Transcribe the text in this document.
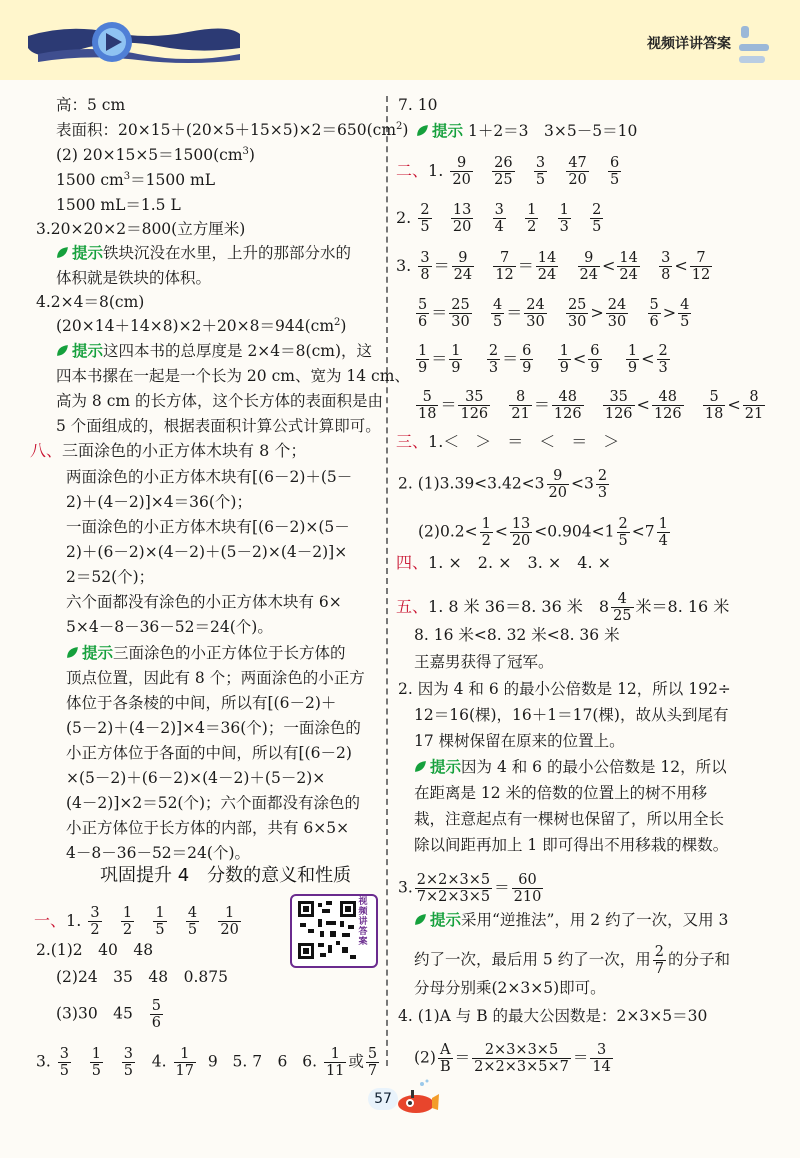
视频详讲答案
高：5 cm
表面积：$20\times 15+(20\times 5+15\times 5)\times 2=650(cm^2)$
(2) $20\times 15\times 5=1500(cm^3)$
1500 $cm^3=1500$ mL
1500 mL＝1.5 L
3.20×20×2＝800(立方厘米)
提示铁块沉没在水里，上升的那部分水的
体积就是铁块的体积。
4.2×4＝8(cm)
$(20\times 14+14\times 8)\times 2+20\times 8=944(cm^2)$
提示这四本书的总厚度是 2×4＝8(cm)，这
四本书摞在一起是一个长为 20 cm、宽为 14 cm、
高为 8 cm 的长方体，这个长方体的表面积是由
5 个面组成的，根据表面积计算公式计算即可。
八、三面涂色的小正方体木块有 8 个；
两面涂色的小正方体木块有[(6－2)＋(5－
2)＋(4－2)]×4＝36(个)；
一面涂色的小正方体木块有[(6－2)×(5－
2)＋(6－2)×(4－2)＋(5－2)×(4－2)]×
2＝52(个)；
六个面都没有涂色的小正方体木块有 6×
5×4－8－36－52＝24(个)。
提示三面涂色的小正方体位于长方体的
顶点位置，因此有 8 个；两面涂色的小正方
体位于各条棱的中间，所以有[(6－2)＋
(5－2)＋(4－2)]×4＝36(个)；一面涂色的
小正方体位于各面的中间，所以有[(6－2)
×(5－2)＋(6－2)×(4－2)＋(5－2)×
(4－2)]×2＝52(个)；六个面都没有涂色的
小正方体位于长方体的内部，共有 6×5×
4－8－36－52＝24(个)。
巩固提升 4　分数的意义和性质
一、1. $\frac{3}{2}$
$\frac{1}{2}$
$\frac{1}{5}$
$\frac{4}{5}$
$\frac{1}{20}$
视频讲答案
2.(1)2　40　48
(2)24　35　48　0.875
(3)30　$45 \frac{5}{6}$
3. $\frac{3}{5}$
$\frac{1}{5}$
$\frac{3}{5} 4$. $\frac{1}{17} 9$ 5. 7　6 6. $\frac{1}{11}$ 或 $\frac{5}{7}$
7. 10
提示 1＋2＝3　3×5－5＝10
二、1. $\frac{9}{20}$
$\frac{26}{25}$
$\frac{3}{5}$
$\frac{47}{20}$
$\frac{6}{5}$
2. $\frac{2}{5}$
$\frac{13}{20}$
$\frac{3}{4}$
$\frac{1}{2}$
$\frac{1}{3}$
$\frac{2}{5}$
3. $\frac{3}{8} = \frac{9}{24}$
$\frac{7}{12} = \frac{14}{24}$
$\frac{9}{24} < \frac{14}{24}$
$\frac{3}{8} < \frac{7}{12}$
$\frac{5}{6} = \frac{25}{30}$
$\frac{4}{5} = \frac{24}{30}$
$\frac{25}{30} > \frac{24}{30}$
$\frac{5}{6} > \frac{4}{5}$
$\frac{1}{9} = \frac{1}{9}$
$\frac{2}{3} = \frac{6}{9}$
$\frac{1}{9} < \frac{6}{9}$
$\frac{1}{9} < \frac{2}{3}$
$\frac{5}{18} = \frac{35}{126}$
$\frac{8}{21} = \frac{48}{126}$
$\frac{35}{126} < \frac{48}{126}$
$\frac{5}{18} < \frac{8}{21}$
三、1.＜　＞　＝　＜　＝　＞
2. $(1)3.39<3.42<3 \frac{9}{20} <3 \frac{2}{3}$
$(2)0.2< \frac{1}{2} < \frac{13}{20} <0.904<1 \frac{2}{5} <7 \frac{1}{4}$
四、1. ×　2. ×　3. ×　4. ×
五、1. 8 米 36＝8. 36 米　$8 \frac{4}{25}$ 米＝8. 16 米
8. 16 米<8. 32 米<8. 36 米
王嘉男获得了冠军。
2. 因为 4 和 6 的最小公倍数是 12，所以 192÷
12＝16(棵)，16＋1＝17(棵)，故从头到尾有
17 棵树保留在原来的位置上。
提示因为 4 和 6 的最小公倍数是 12，所以
在距离是 12 米的倍数的位置上的树不用移
栽，注意起点有一棵树也保留了，所以用全长
除以间距再加上 1 即可得出不用移栽的棵数。
3. $\frac{2\times 2\times 3\times 5}{7\times 2\times 3\times 5} = \frac{60}{210}$
提示采用“逆推法”，用 2 约了一次，又用 3
约了一次，最后用 5 约了一次，用 $\frac{2}{7}$ 的分子和
分母分别乘(2×3×5)即可。
4. (1)A 与 B 的最大公因数是：2×3×5＝30
$(2) \frac{A}{B} = \frac{2\times 3\times 3\times 5}{2\times 2\times 3\times 5\times 7} = \frac{3}{14}$
57
